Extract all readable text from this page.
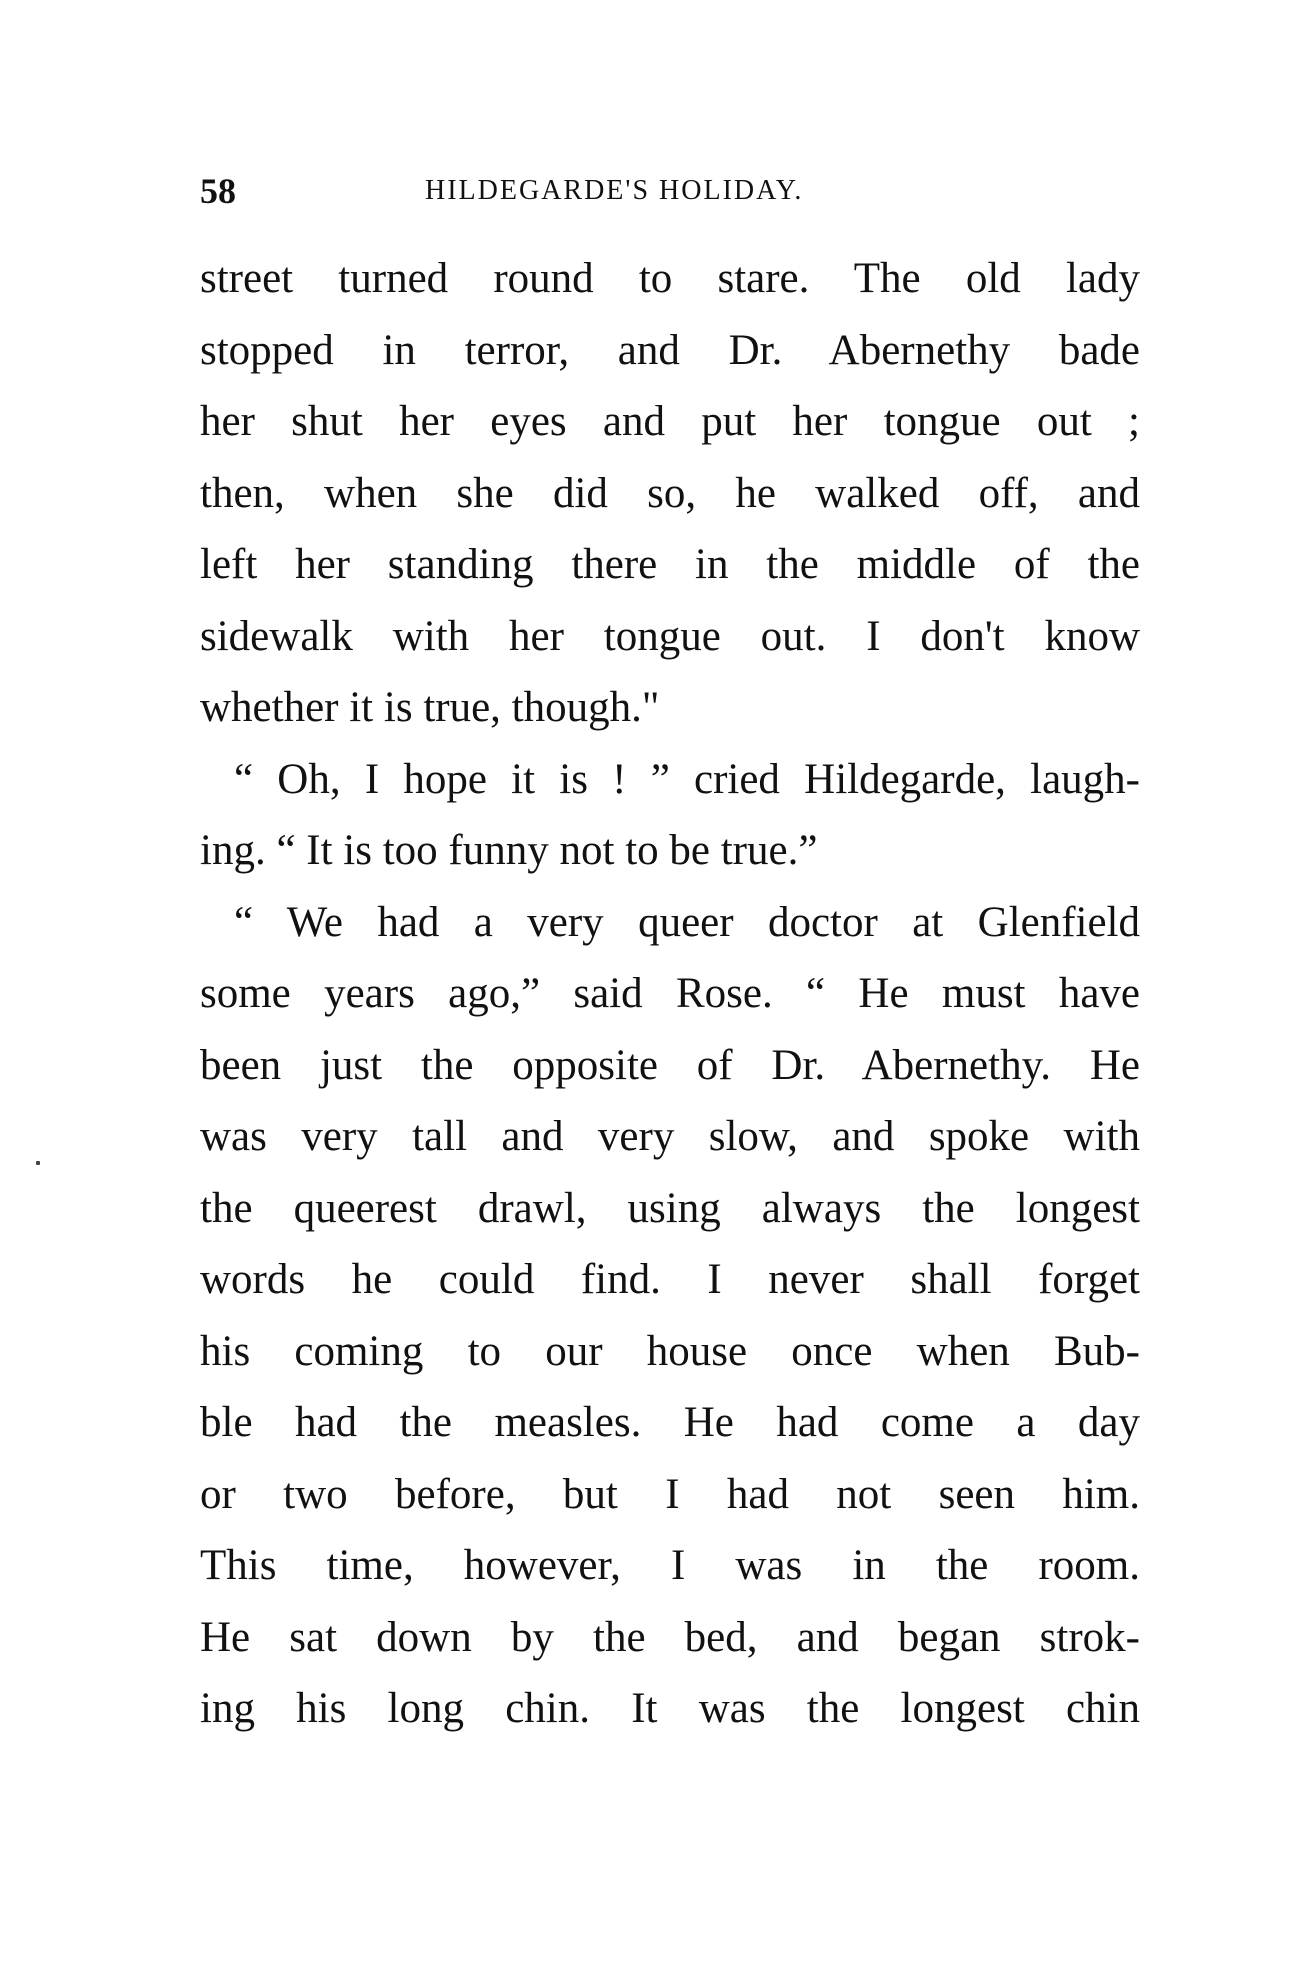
58	HILDEGARDE'S HOLIDAY.
street turned round to stare. The old lady
stopped in terror, and Dr. Abernethy bade
her shut her eyes and put her tongue out ;
then, when she did so, he walked off, and
left her standing there in the middle of the
sidewalk with her tongue out. I don't know
whether it is true, though."
“ Oh, I hope it is ! ” cried Hildegarde, laugh-
ing. “ It is too funny not to be true.”
“ We had a very queer doctor at Glenfield
some years ago,” said Rose. “ He must have
been just the opposite of Dr. Abernethy. He
was very tall and very slow, and spoke with
the queerest drawl, using always the longest
words he could find. I never shall forget
his coming to our house once when Bub-
ble had the measles. He had come a day
or two before, but I had not seen him.
This time, however, I was in the room.
He sat down by the bed, and began strok-
ing his long chin. It was the longest chin
